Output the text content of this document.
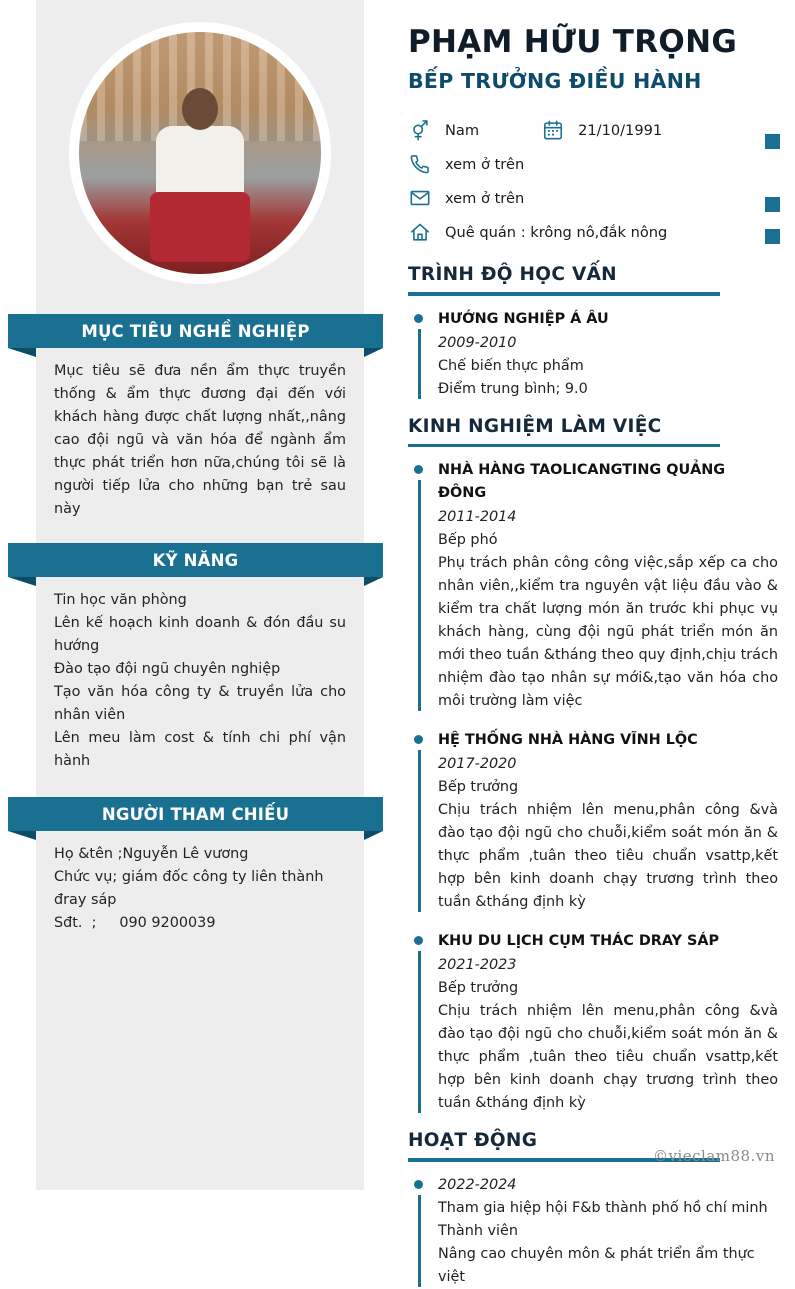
MỤC TIÊU NGHỀ NGHIỆP
Mục tiêu sẽ đưa nền ẩm thực truyền thống & ẩm thực đương đại đến với khách hàng được chất lượng nhất,,nâng cao đội ngũ và văn hóa để ngành ẩm thực phát triển hơn nữa,chúng tôi sẽ là người tiếp lửa cho những bạn trẻ sau này
KỸ NĂNG
Tin học văn phòng
Lên kế hoạch kinh doanh & đón đầu su hướng
Đào tạo đội ngũ chuyên nghiệp
Tạo văn hóa công ty & truyền lửa cho nhân viên
Lên meu làm cost & tính chi phí vận hành
NGƯỜI THAM CHIẾU
Họ &tên ;Nguyễn Lê vương
Chức vụ; giám đốc công ty liên thành đray sáp
Sđt.  ;     090 9200039
PHẠM HỮU TRỌNG
BẾP TRƯỞNG ĐIỀU HÀNH
Nam	21/10/1991
xem ở trên
xem ở trên
Quê quán : krông nô,đắk nông
TRÌNH ĐỘ HỌC VẤN
HƯỚNG NGHIỆP Á ÂU
2009-2010
Chế biến thực phẩm
Điểm trung bình; 9.0
KINH NGHIỆM LÀM VIỆC
NHÀ HÀNG TAOLICANGTING QUẢNG ĐÔNG
2011-2014
Bếp phó
Phụ trách phân công công việc,sắp xếp ca cho nhân viên,,kiểm tra nguyên vật liệu đầu vào & kiểm tra chất lượng món ăn trước khi phục vụ khách hàng, cùng đội ngũ phát triển món ăn mới theo tuần &tháng theo quy định,chịu trách nhiệm đào tạo nhân sự mới&,tạo văn hóa cho môi trường làm việc
HỆ THỐNG NHÀ HÀNG VĨNH LỘC
2017-2020
Bếp trưởng
Chịu trách nhiệm lên menu,phân công &và đào tạo đội ngũ cho chuỗi,kiểm soát món ăn & thực phẩm ,tuân theo tiêu chuẩn vsattp,kết hợp bên kinh doanh chạy trương trình theo tuần &tháng định kỳ
KHU DU LỊCH CỤM THÁC DRAY SÁP
2021-2023
Bếp trưởng
Chịu trách nhiệm lên menu,phân công &và đào tạo đội ngũ cho chuỗi,kiểm soát món ăn & thực phẩm ,tuân theo tiêu chuẩn vsattp,kết hợp bên kinh doanh chạy trương trình theo tuần &tháng định kỳ
HOẠT ĐỘNG
2022-2024
Tham gia hiệp hội F&b thành phố hồ chí minh
Thành viên
Nâng cao chuyên môn & phát triển ẩm thực việt
©vieclam88.vn
